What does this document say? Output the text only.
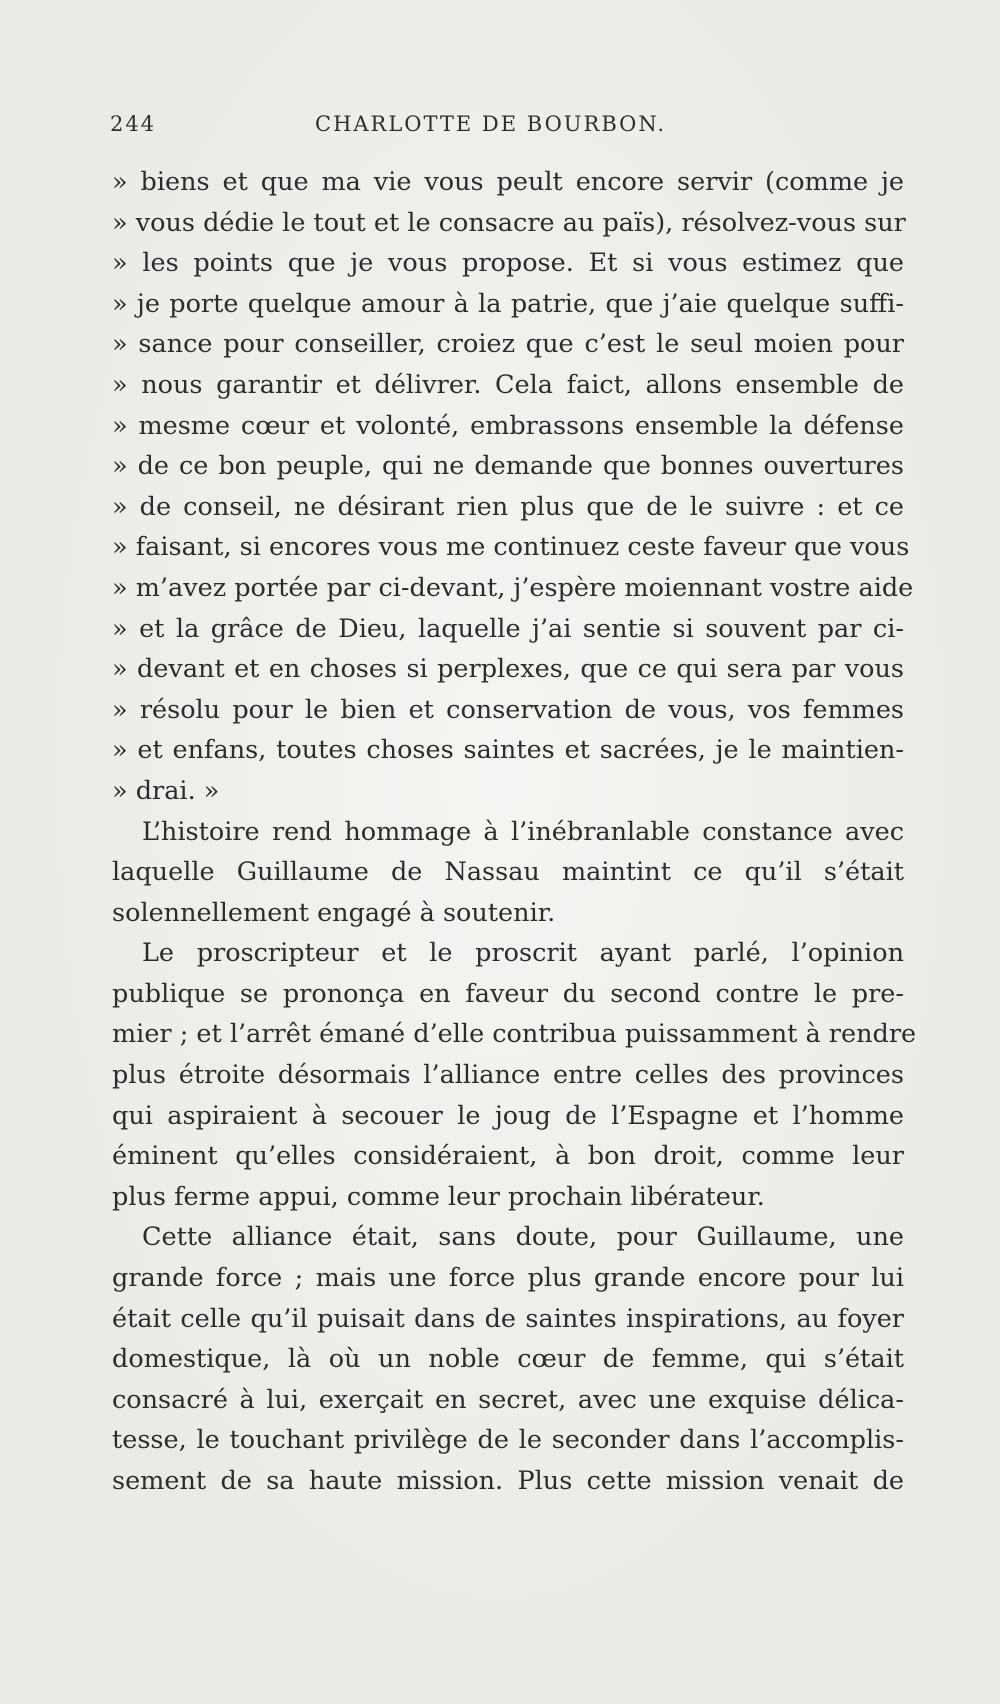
244	CHARLOTTE DE BOURBON.
» biens et que ma vie vous peult encore servir (comme je
» vous dédie le tout et le consacre au païs), résolvez-vous sur
» les points que je vous propose. Et si vous estimez que
» je porte quelque amour à la patrie, que j’aie quelque suffi-
» sance pour conseiller, croiez que c’est le seul moien pour
» nous garantir et délivrer. Cela faict, allons ensemble de
» mesme cœur et volonté, embrassons ensemble la défense
» de ce bon peuple, qui ne demande que bonnes ouvertures
» de conseil, ne désirant rien plus que de le suivre : et ce
» faisant, si encores vous me continuez ceste faveur que vous
» m’avez portée par ci-devant, j’espère moiennant vostre aide
» et la grâce de Dieu, laquelle j’ai sentie si souvent par ci-
» devant et en choses si perplexes, que ce qui sera par vous
» résolu pour le bien et conservation de vous, vos femmes
» et enfans, toutes choses saintes et sacrées, je le maintien-
» drai. »
L’histoire rend hommage à l’inébranlable constance avec
laquelle Guillaume de Nassau maintint ce qu’il s’était
solennellement engagé à soutenir.
Le proscripteur et le proscrit ayant parlé, l’opinion
publique se prononça en faveur du second contre le pre-
mier ; et l’arrêt émané d’elle contribua puissamment à rendre
plus étroite désormais l’alliance entre celles des provinces
qui aspiraient à secouer le joug de l’Espagne et l’homme
éminent qu’elles considéraient, à bon droit, comme leur
plus ferme appui, comme leur prochain libérateur.
Cette alliance était, sans doute, pour Guillaume, une
grande force ; mais une force plus grande encore pour lui
était celle qu’il puisait dans de saintes inspirations, au foyer
domestique, là où un noble cœur de femme, qui s’était
consacré à lui, exerçait en secret, avec une exquise délica-
tesse, le touchant privilège de le seconder dans l’accomplis-
sement de sa haute mission. Plus cette mission venait de
